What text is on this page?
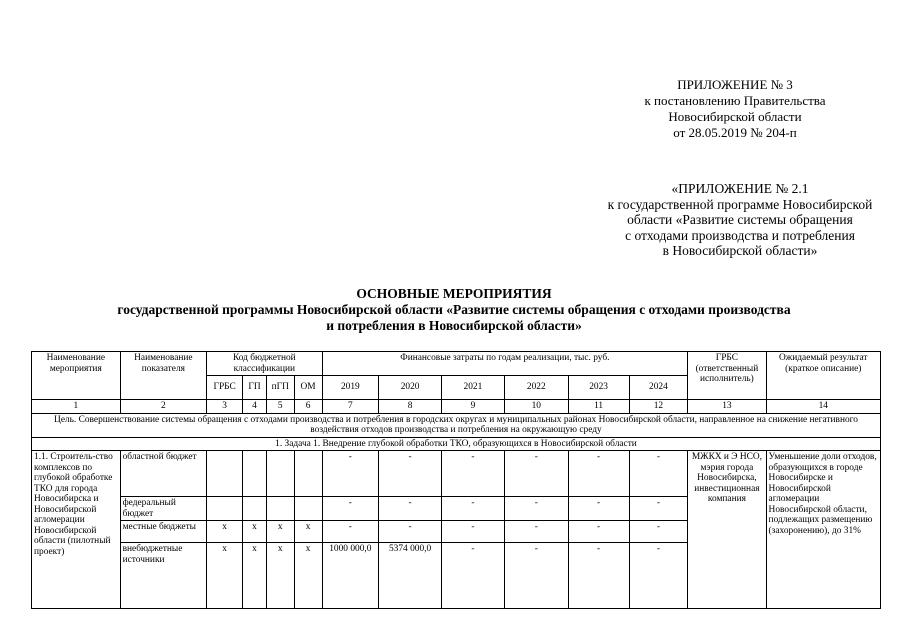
ПРИЛОЖЕНИЕ № 3
к постановлению Правительства
Новосибирской области
от 28.05.2019 № 204-п
«ПРИЛОЖЕНИЕ № 2.1
к государственной программе Новосибирской
области «Развитие системы обращения
с отходами производства и потребления
в Новосибирской области»
ОСНОВНЫЕ МЕРОПРИЯТИЯ
государственной программы Новосибирской области «Развитие системы обращения с отходами производства
и потребления в Новосибирской области»
Наименование мероприятия	Наименование показателя	Код бюджетной классификации				Финансовые затраты по годам реализации, тыс. руб.						ГРБС (ответственный исполнитель)	Ожидаемый результат (краткое описание)
		ГРБС	ГП	пГП	ОМ	2019	2020	2021	2022	2023	2024		
1	2	3	4	5	6	7	8	9	10	11	12	13	14
Цель. Совершенствование системы обращения с отходами производства и потребления в городских округах и муниципальных районах Новосибирской области, направленное на снижение негативного воздействия отходов производства и потребления на окружающую среду													
1. Задача 1. Внедрение глубокой обработки ТКО, образующихся в Новосибирской области													
1.1. Строитель-ство комплексов по глубокой обработке ТКО для города Новосибирска и Новосибирской агломерации Новосибирской области (пилотный проект)	областной бюджет					-	-	-	-	-	-	МЖКХ и Э НСО, мэрия города Новосибирска, инвестиционная компания	Уменьшение доли отходов, образующихся в городе Новосибирске и Новосибирской агломерации Новосибирской области, подлежащих размещению (захоронению), до 31%
	федеральный бюджет					-	-	-	-	-	-		
	местные бюджеты	х	х	х	х	-	-	-	-	-	-		
	внебюджетные источники	х	х	х	х	1000 000,0	5374 000,0	-	-	-	-		
